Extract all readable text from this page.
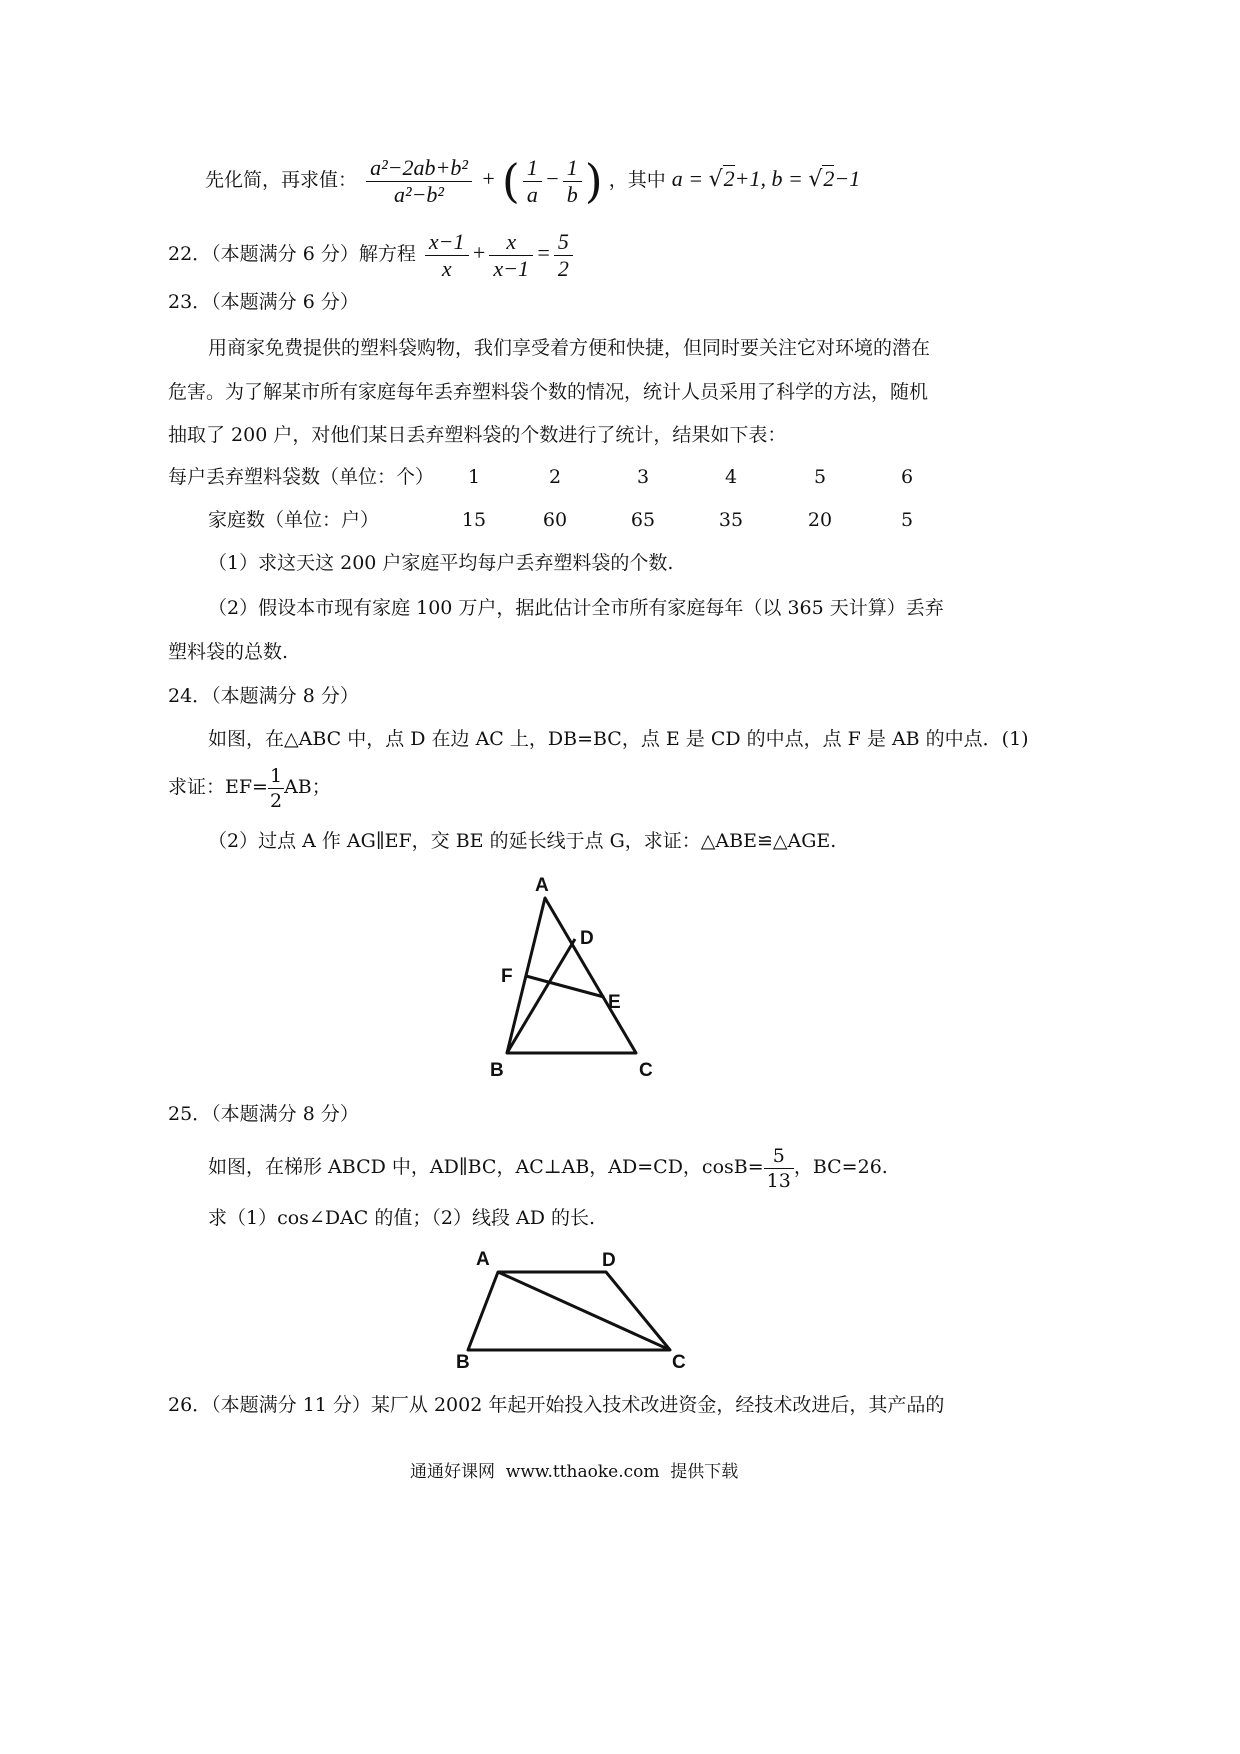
先化简，再求值： $\frac{\text{a²−2ab+b²}}{\text{a²−b²}}$ + ( $\frac{1}{a} - \frac{1}{b}$ ) ，其中 a = √2+1, b = √2−1
22．（本题满分 6 分）解方程 $\frac{x-1}{x} + \frac{x}{x-1} = \frac{5}{2}$
23．（本题满分 6 分）
用商家免费提供的塑料袋购物，我们享受着方便和快捷，但同时要关注它对环境的潜在
危害。为了解某市所有家庭每年丢弃塑料袋个数的情况，统计人员采用了科学的方法，随机
抽取了 200 户，对他们某日丢弃塑料袋的个数进行了统计，结果如下表：
每户丢弃塑料袋数（单位：个）	1	2	3	4	5	6
家庭数（单位：户）	15	60	65	35	20	5
（1）求这天这 200 户家庭平均每户丢弃塑料袋的个数.
（2）假设本市现有家庭 100 万户，据此估计全市所有家庭每年（以 365 天计算）丢弃
塑料袋的总数.
24．（本题满分 8 分）
如图，在△ABC 中，点 D 在边 AC 上，DB=BC，点 E 是 CD 的中点，点 F 是 AB 的中点．(1)
求证：$EF= \frac{1}{2}$ AB；
（2）过点 A 作 AG∥EF，交 BE 的延长线于点 G，求证：△ABE≌△AGE.
A
D
F
E
B	C
25．（本题满分 8 分）
如图，在梯形 ABCD 中，AD∥BC，AC⊥AB，AD=CD，$\cos B= \frac{5}{13}$ ，BC=26.
求（1）cos∠DAC 的值；（2）线段 AD 的长.
A	D
B	C
26．（本题满分 11 分）某厂从 2002 年起开始投入技术改进资金，经技术改进后，其产品的
通通好课网  www.tthaoke.com  提供下载
